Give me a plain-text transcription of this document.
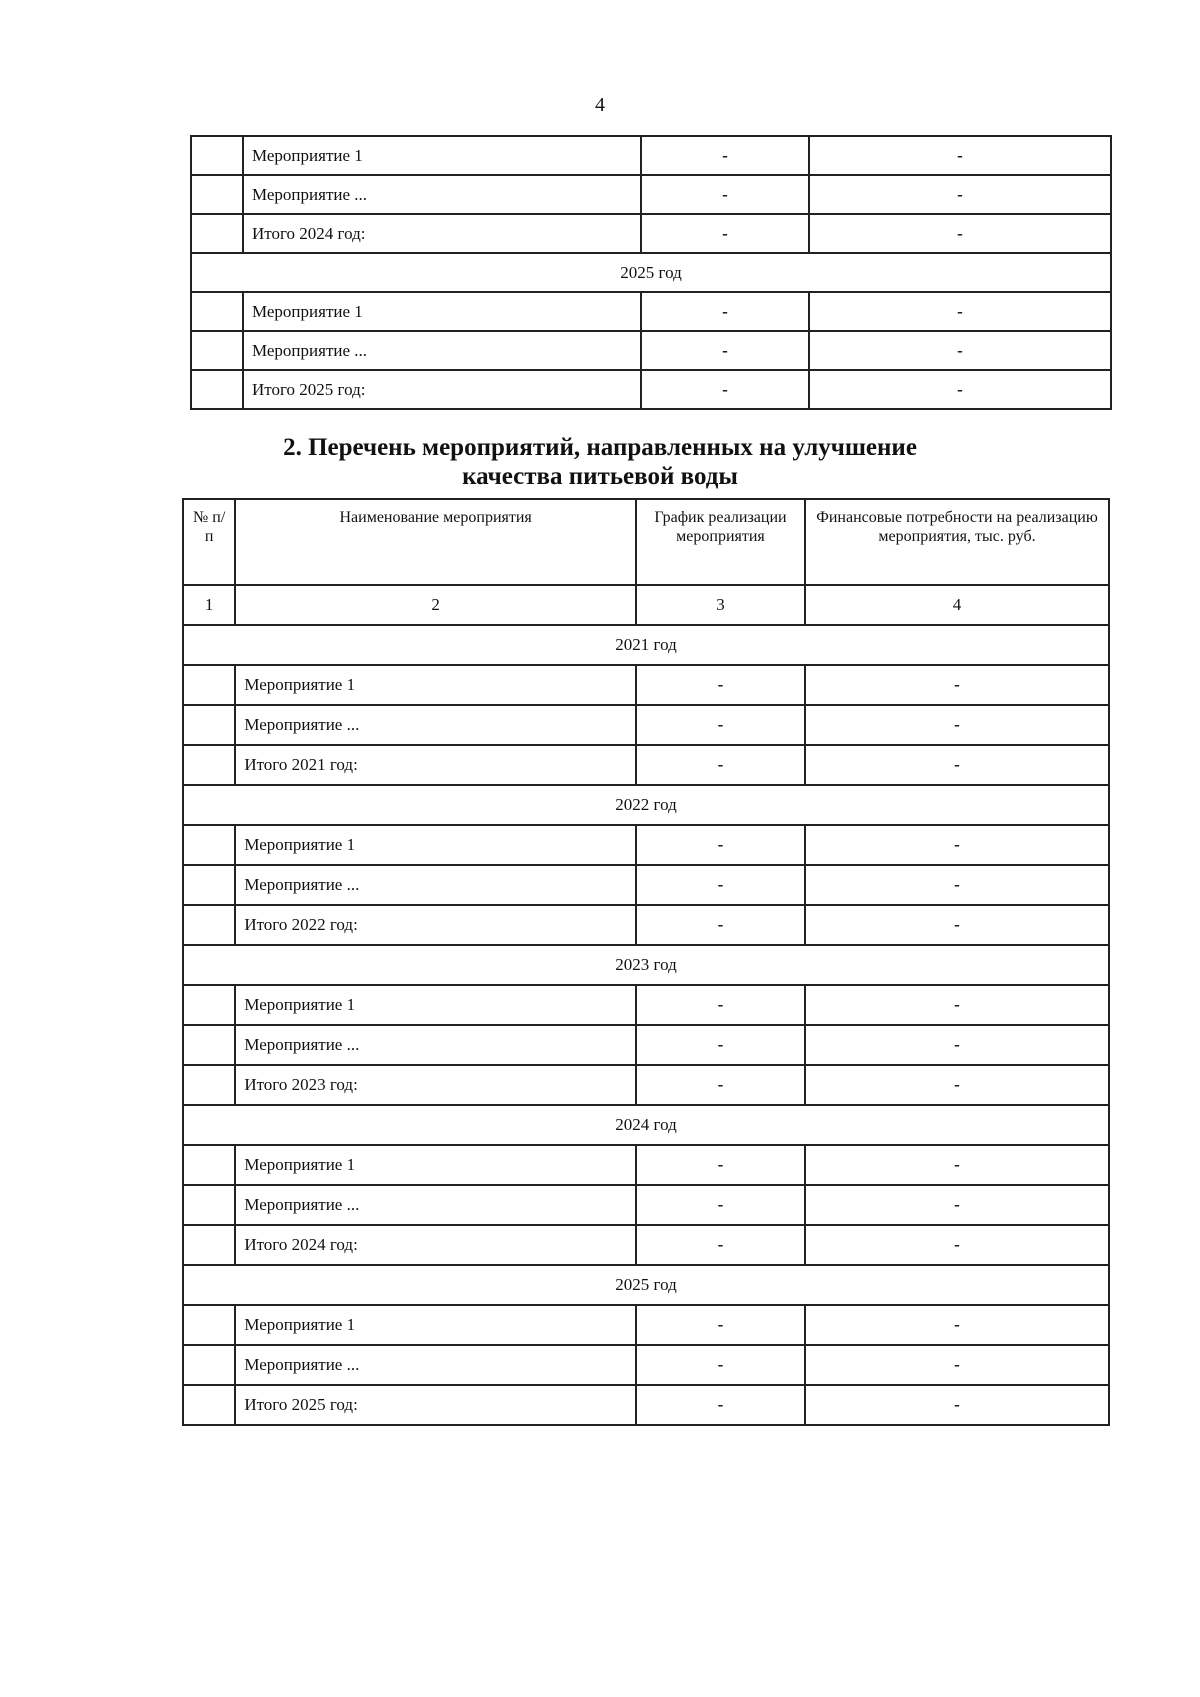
4
	Мероприятие 1	-	-
	Мероприятие ...	-	-
	Итого 2024 год:	-	-
2025 год			
	Мероприятие 1	-	-
	Мероприятие ...	-	-
	Итого 2025 год:	-	-
2. Перечень мероприятий, направленных на улучшение
качества питьевой воды
№ п/п	Наименование мероприятия	График реализации мероприятия	Финансовые потребности на реализацию мероприятия, тыс. руб.
1	2	3	4
2021 год			
	Мероприятие 1	-	-
	Мероприятие ...	-	-
	Итого 2021 год:	-	-
2022 год			
	Мероприятие 1	-	-
	Мероприятие ...	-	-
	Итого 2022 год:	-	-
2023 год			
	Мероприятие 1	-	-
	Мероприятие ...	-	-
	Итого 2023 год:	-	-
2024 год			
	Мероприятие 1	-	-
	Мероприятие ...	-	-
	Итого 2024 год:	-	-
2025 год			
	Мероприятие 1	-	-
	Мероприятие ...	-	-
	Итого 2025 год:	-	-
